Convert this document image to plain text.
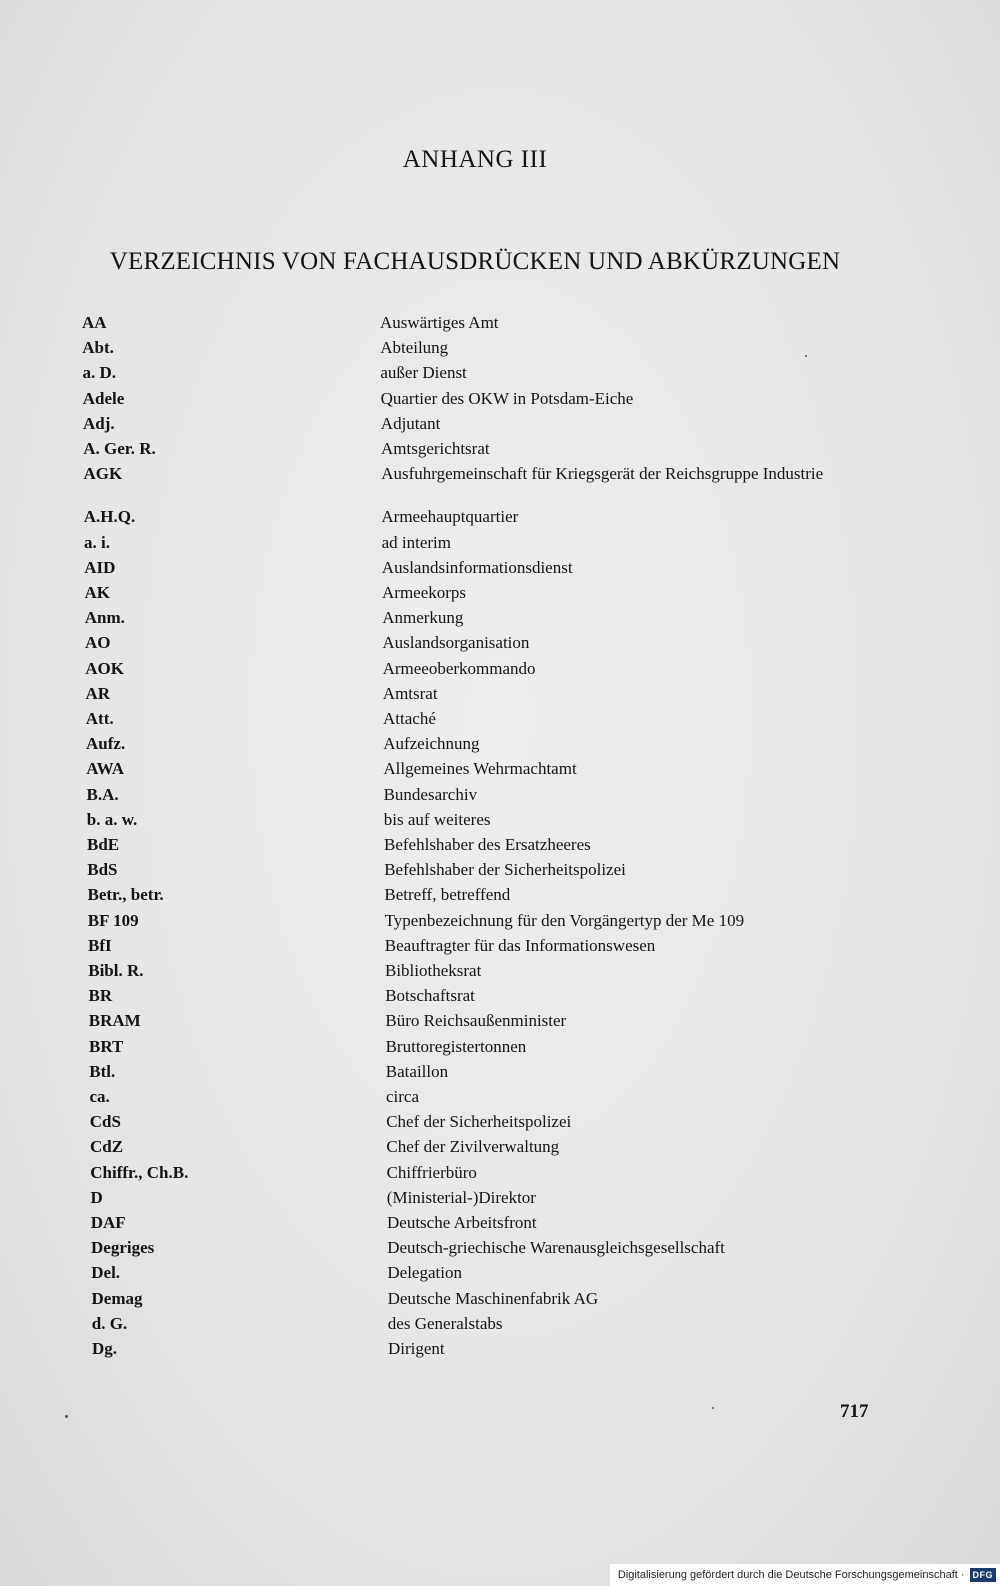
ANHANG III
VERZEICHNIS VON FACHAUSDRÜCKEN UND ABKÜRZUNGEN
AA	Auswärtiges Amt
Abt.	Abteilung
a. D.	außer Dienst
Adele	Quartier des OKW in Potsdam-Eiche
Adj.	Adjutant
A. Ger. R.	Amtsgerichtsrat
AGK	Ausfuhrgemeinschaft für Kriegsgerät der Reichsgruppe Industrie
A.H.Q.	Armeehauptquartier
a. i.	ad interim
AID	Auslandsinformationsdienst
AK	Armeekorps
Anm.	Anmerkung
AO	Auslandsorganisation
AOK	Armeeoberkommando
AR	Amtsrat
Att.	Attaché
Aufz.	Aufzeichnung
AWA	Allgemeines Wehrmachtamt
B.A.	Bundesarchiv
b. a. w.	bis auf weiteres
BdE	Befehlshaber des Ersatzheeres
BdS	Befehlshaber der Sicherheitspolizei
Betr., betr.	Betreff, betreffend
BF 109	Typenbezeichnung für den Vorgängertyp der Me 109
BfI	Beauftragter für das Informationswesen
Bibl. R.	Bibliotheksrat
BR	Botschaftsrat
BRAM	Büro Reichsaußenminister
BRT	Bruttoregistertonnen
Btl.	Bataillon
ca.	circa
CdS	Chef der Sicherheitspolizei
CdZ	Chef der Zivilverwaltung
Chiffr., Ch.B.	Chiffrierbüro
D	(Ministerial-)Direktor
DAF	Deutsche Arbeitsfront
Degriges	Deutsch-griechische Warenausgleichsgesellschaft
Del.	Delegation
Demag	Deutsche Maschinenfabrik AG
d. G.	des Generalstabs
Dg.	Dirigent
717
Digitalisierung gefördert durch die Deutsche Forschungsgemeinschaft · DFG
